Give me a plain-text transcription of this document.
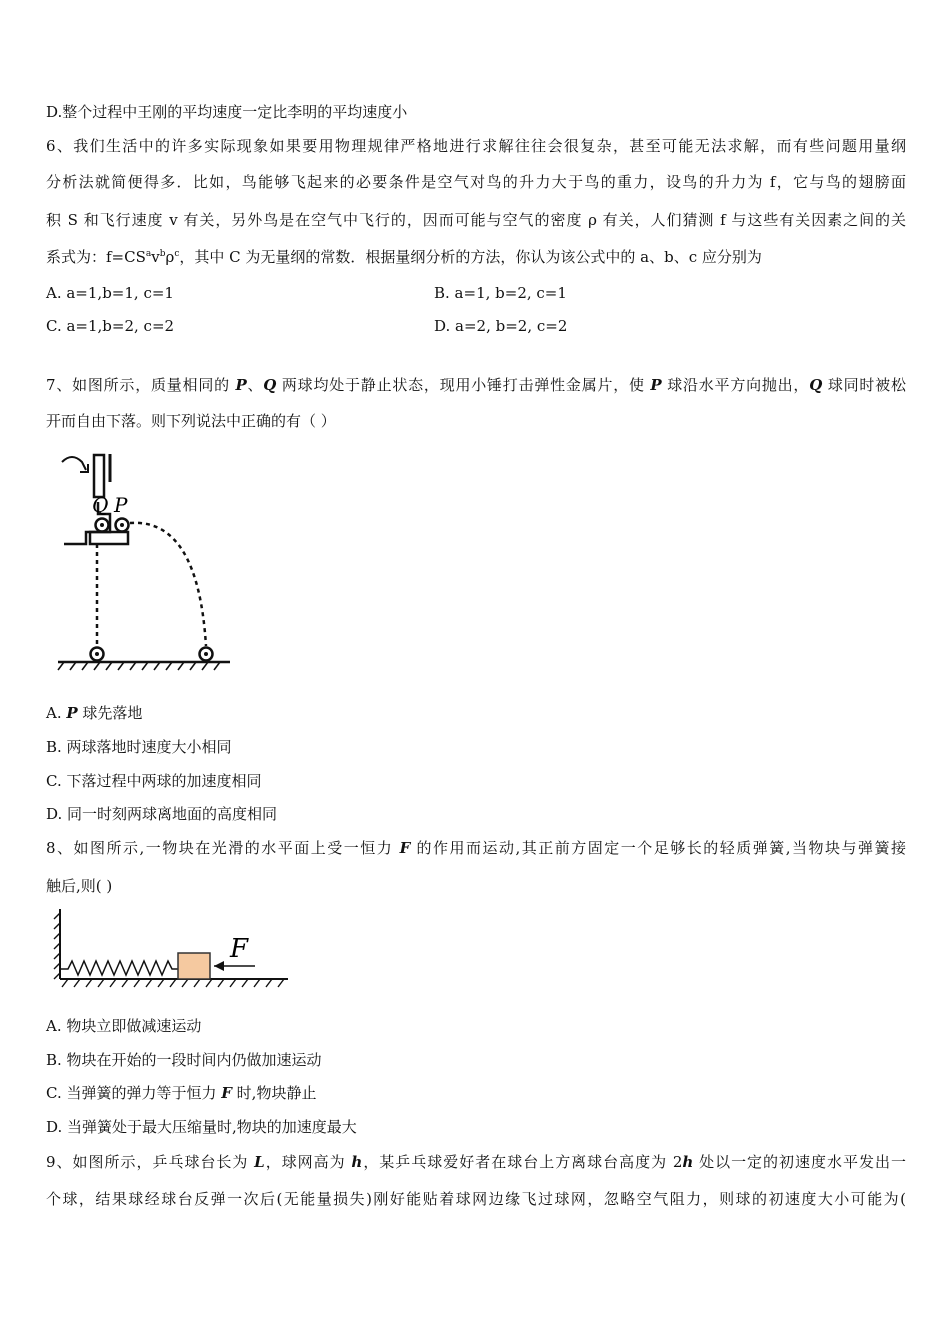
D.整个过程中王刚的平均速度一定比李明的平均速度小
6、我们生活中的许多实际现象如果要用物理规律严格地进行求解往往会很复杂，甚至可能无法求解，而有些问题用量纲
分析法就简便得多．比如，鸟能够飞起来的必要条件是空气对鸟的升力大于鸟的重力，设鸟的升力为 f，它与鸟的翅膀面
积 S 和飞行速度 v 有关，另外鸟是在空气中飞行的，因而可能与空气的密度 ρ 有关，人们猜测 f 与这些有关因素之间的关
系式为：$f=CS^av^b\rho^c$，其中 C 为无量纲的常数．根据量纲分析的方法，你认为该公式中的 a、b、c 应分别为
A. a=1,b=1, c=1	B. a=1, b=2, c=1
C. a=1,b=2, c=2	D. a=2, b=2, c=2
7、如图所示，质量相同的 P、Q 两球均处于静止状态，现用小锤打击弹性金属片，使 P 球沿水平方向抛出，Q 球同时被松
开而自由下落。则下列说法中正确的有（ ）
Q P
A. P 球先落地
B. 两球落地时速度大小相同
C. 下落过程中两球的加速度相同
D. 同一时刻两球离地面的高度相同
8、如图所示,一物块在光滑的水平面上受一恒力 F 的作用而运动,其正前方固定一个足够长的轻质弹簧,当物块与弹簧接
触后,则( )
F
A. 物块立即做减速运动
B. 物块在开始的一段时间内仍做加速运动
C. 当弹簧的弹力等于恒力 F 时,物块静止
D. 当弹簧处于最大压缩量时,物块的加速度最大
9、如图所示，乒乓球台长为 L，球网高为 h，某乒乓球爱好者在球台上方离球台高度为 2h 处以一定的初速度水平发出一
个球，结果球经球台反弹一次后(无能量损失)刚好能贴着球网边缘飞过球网，忽略空气阻力，则球的初速度大小可能为(
